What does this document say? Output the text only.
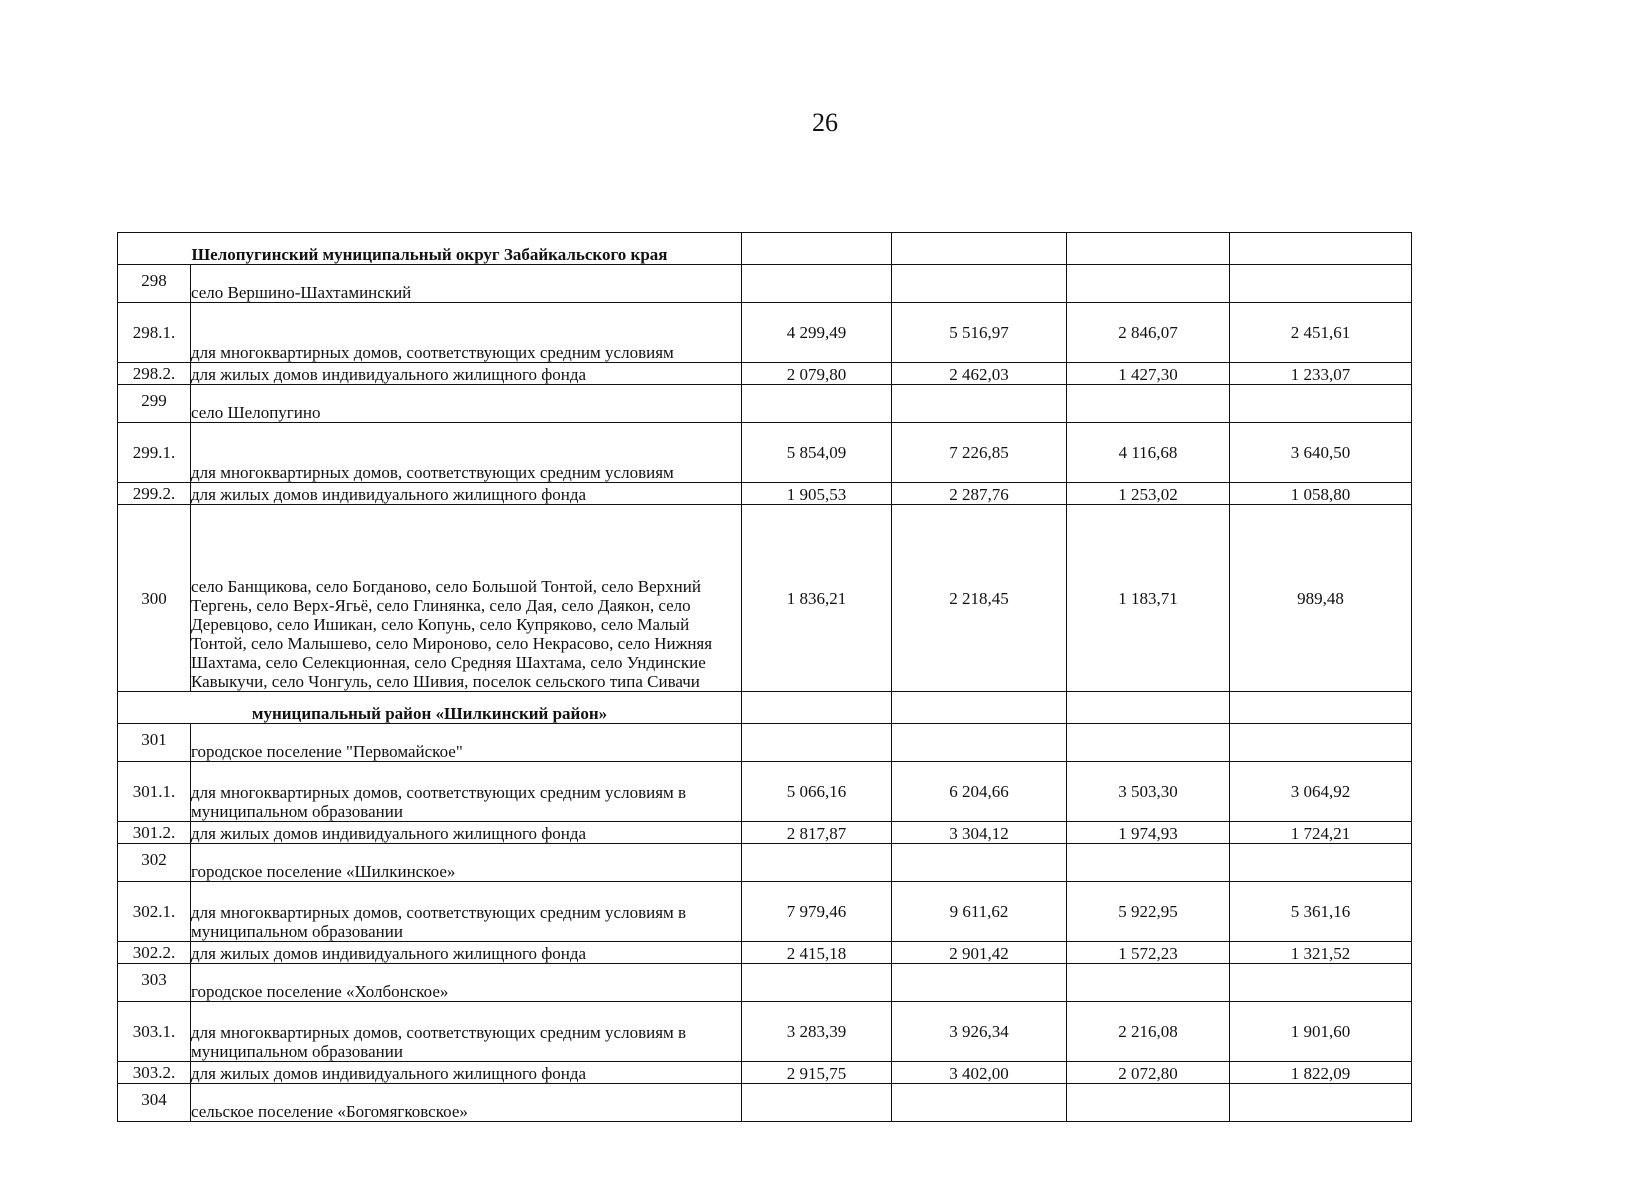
26
Шелопугинский муниципальный округ Забайкальского края					
298	село Вершино-Шахтаминский				
298.1.	для многоквартирных домов, соответствующих средним условиям	4 299,49	5 516,97	2 846,07	2 451,61
298.2.	для жилых домов индивидуального жилищного фонда	2 079,80	2 462,03	1 427,30	1 233,07
299	село Шелопугино				
299.1.	для многоквартирных домов, соответствующих средним условиям	5 854,09	7 226,85	4 116,68	3 640,50
299.2.	для жилых домов индивидуального жилищного фонда	1 905,53	2 287,76	1 253,02	1 058,80
300	село Банщикова, село Богданово, село Большой Тонтой, село Верхний Тергень, село Верх-Ягьё, село Глинянка, село Дая, село Даякон, село Деревцово, село Ишикан, село Копунь, село Купряково, село Малый Тонтой, село Малышево, село Мироново, село Некрасово, село Нижняя Шахтама, село Селекционная, село Средняя Шахтама, село Ундинские Кавыкучи, село Чонгуль, село Шивия, поселок сельского типа Сивачи	1 836,21	2 218,45	1 183,71	989,48
муниципальный район «Шилкинский район»					
301	городское поселение "Первомайское"				
301.1.	для многоквартирных домов, соответствующих средним условиям в муниципальном образовании	5 066,16	6 204,66	3 503,30	3 064,92
301.2.	для жилых домов индивидуального жилищного фонда	2 817,87	3 304,12	1 974,93	1 724,21
302	городское поселение «Шилкинское»				
302.1.	для многоквартирных домов, соответствующих средним условиям в муниципальном образовании	7 979,46	9 611,62	5 922,95	5 361,16
302.2.	для жилых домов индивидуального жилищного фонда	2 415,18	2 901,42	1 572,23	1 321,52
303	городское поселение «Холбонское»				
303.1.	для многоквартирных домов, соответствующих средним условиям в муниципальном образовании	3 283,39	3 926,34	2 216,08	1 901,60
303.2.	для жилых домов индивидуального жилищного фонда	2 915,75	3 402,00	2 072,80	1 822,09
304	сельское поселение «Богомягковское»				
